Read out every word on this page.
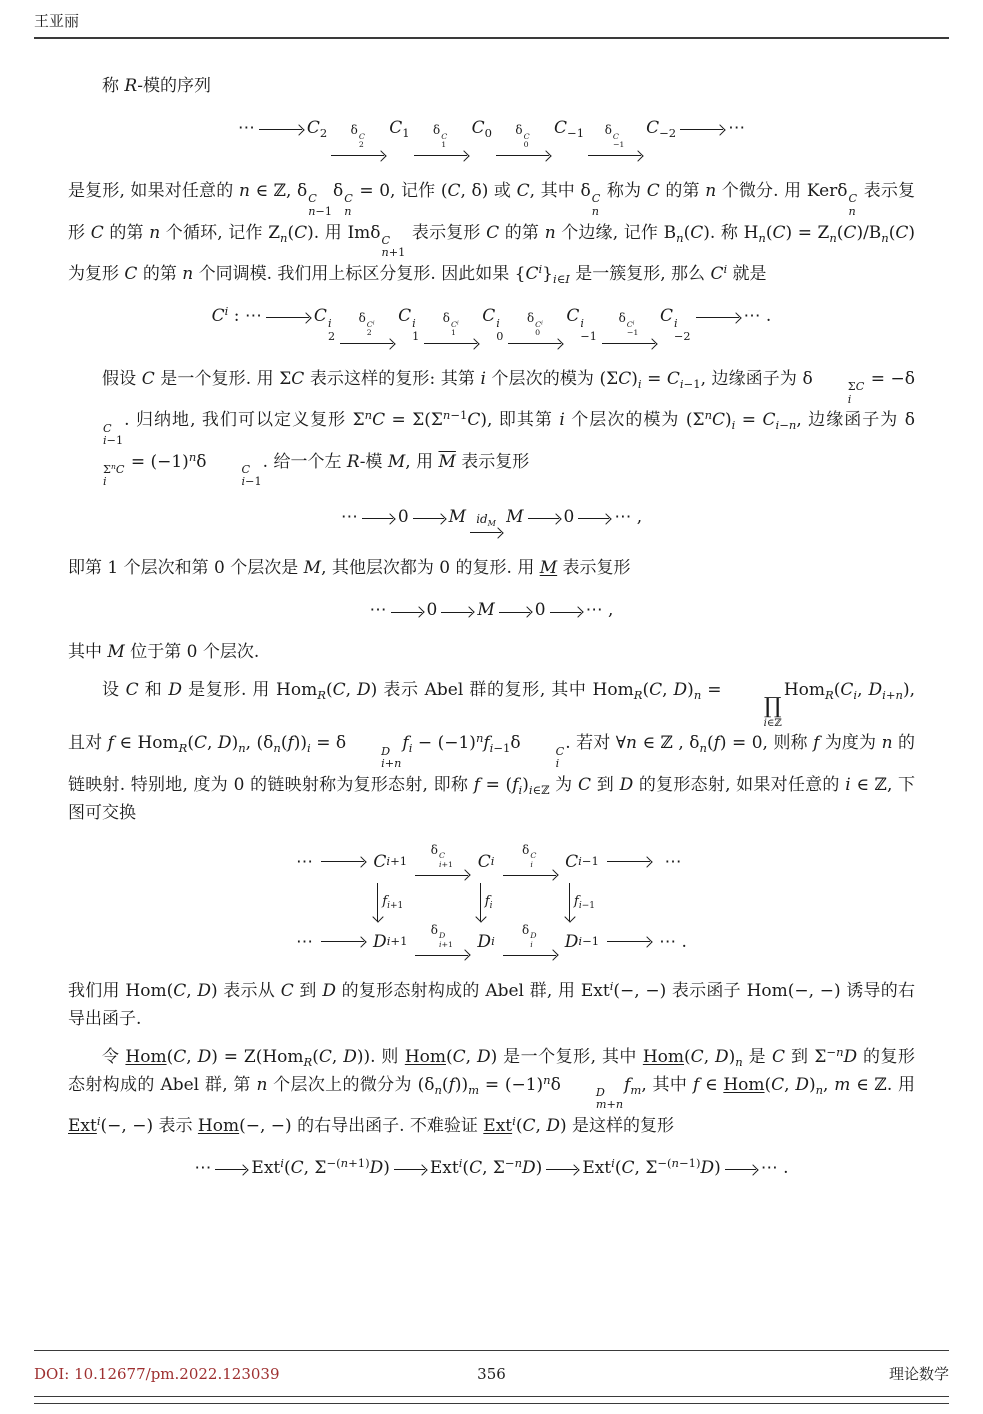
王亚丽

称 R-模的序列

⋯	$C_2$ δ C
2
$C_1$ δ C
1
$C_0$ δ C
0
$C_{-1}$ δ C
−1
$C_{-2}$	⋯

是复形, 如果对任意的 n ∈ ℤ, δ C
n−1
δ C
n
= 0, 记作 (C, δ) 或 C, 其中 δ C
n
称为 C 的第 n 个微分. 用 Kerδ C
n
表示复形 C 的第 n 个循环, 记作 $Z_n(C)$. 用 Imδ C
n+1
表示复形 C 的第 n 个边缘, 记作 $B_n(C)$. 称 $H_n(C) = Z_n(C)/B_n(C)$ 为复形 C 的第 n 个同调模. 我们用上标区分复形. 因此如果 $\{C^i\}_{i\in I}$ 是一簇复形, 那么 $C^i$ 就是

$C^i$ : ⋯	C i
2
δ $C^i$
2
C i
1
δ $C^i$
1
C i
0
δ $C^i$
0
C i
−1
δ $C^i$
−1
C i
−2
⋯ .

假设 C 是一个复形. 用 ΣC 表示这样的复形: 其第 i 个层次的模为 $(\Sigma C)_i = C_{i-1}$, 边缘函子为 δ	ΣC
i
= −δ
C
i−1
. 归纳地, 我们可以定义复形 $\Sigma^nC = \Sigma(\Sigma^{n-1}C)$, 即其第 i 个层次的模为 $(\Sigma^nC)_i = C_{i-n}$, 边缘函子为 δ
$\Sigma^nC$
i
= $(-1)^n\delta$	C
i−1
. 给一个左 R-模 M, 用 $\overline{M}$ 表示复形

⋯ 0 M $id_M$ M 0 ⋯ ,

即第 1 个层次和第 0 个层次是 M, 其他层次都为 0 的复形. 用 M 表示复形

⋯ 0 M 0 ⋯ ,

其中 M 位于第 0 个层次.

设 C 和 D 是复形. 用 Hom$_R$(C, D) 表示 Abel 群的复形, 其中 Hom$_R$(C, $D)_n$ =
∏
i∈ℤ
$Hom_R(C_i$, $D_{i+n}$), 且对 f ∈ Hom$_R$(C, $D)_n$, $(\delta_n(f))_i = \delta$	D
i+n
$f_i - (-1)^nf_{i-1}\delta$	C
i
. 若对 ∀n ∈ ℤ , $\delta_n(f) = 0$, 则称 f 为度为 n 的链映射. 特别地, 度为 0 的链映射称为复形态射, 即称 $f = (f_i)_{i\in ℤ}$ 为 C 到 D 的复形态射, 如果对任意的 i ∈ ℤ, 下图可交换

⋯	C i+1
δ C
i+1 C i
δ C
i C i−1	⋯
$f_{i+1}$	$f_i$	$f_{i-1}$
⋯	D i+1
δ D
i+1 D i
δ D
i D i−1	⋯ .

我们用 Hom(C, D) 表示从 C 到 D 的复形态射构成的 Abel 群, 用 Ext$^i$(−, −) 表示函子 Hom(−, −) 诱导的右导出函子.

令 Hom(C, D) = Z(Hom$_R$(C, D)). 则 Hom(C, D) 是一个复形, 其中 Hom(C, $D)_n$ 是 C 到 $\Sigma^{-n}D$ 的复形态射构成的 Abel 群, 第 n 个层次上的微分为 $(\delta_n(f))_m = (-1)^n\delta$	D
m+n
$f_m$, 其中 f ∈ Hom(C, $D)_n$, m ∈ ℤ. 用 Ext$^i$(−, −) 表示 Hom(−, −) 的右导出函子. 不难验证 Ext$^i$(C, D) 是这样的复形

⋯ Ext$^i$(C, $\Sigma^{-(n+1)}D$) Ext$^i$(C, $\Sigma^{-n}D$) Ext$^i$(C, $\Sigma^{-(n-1)}D$) ⋯ .
DOI: 10.12677/pm.2022.123039	356	理论数学
